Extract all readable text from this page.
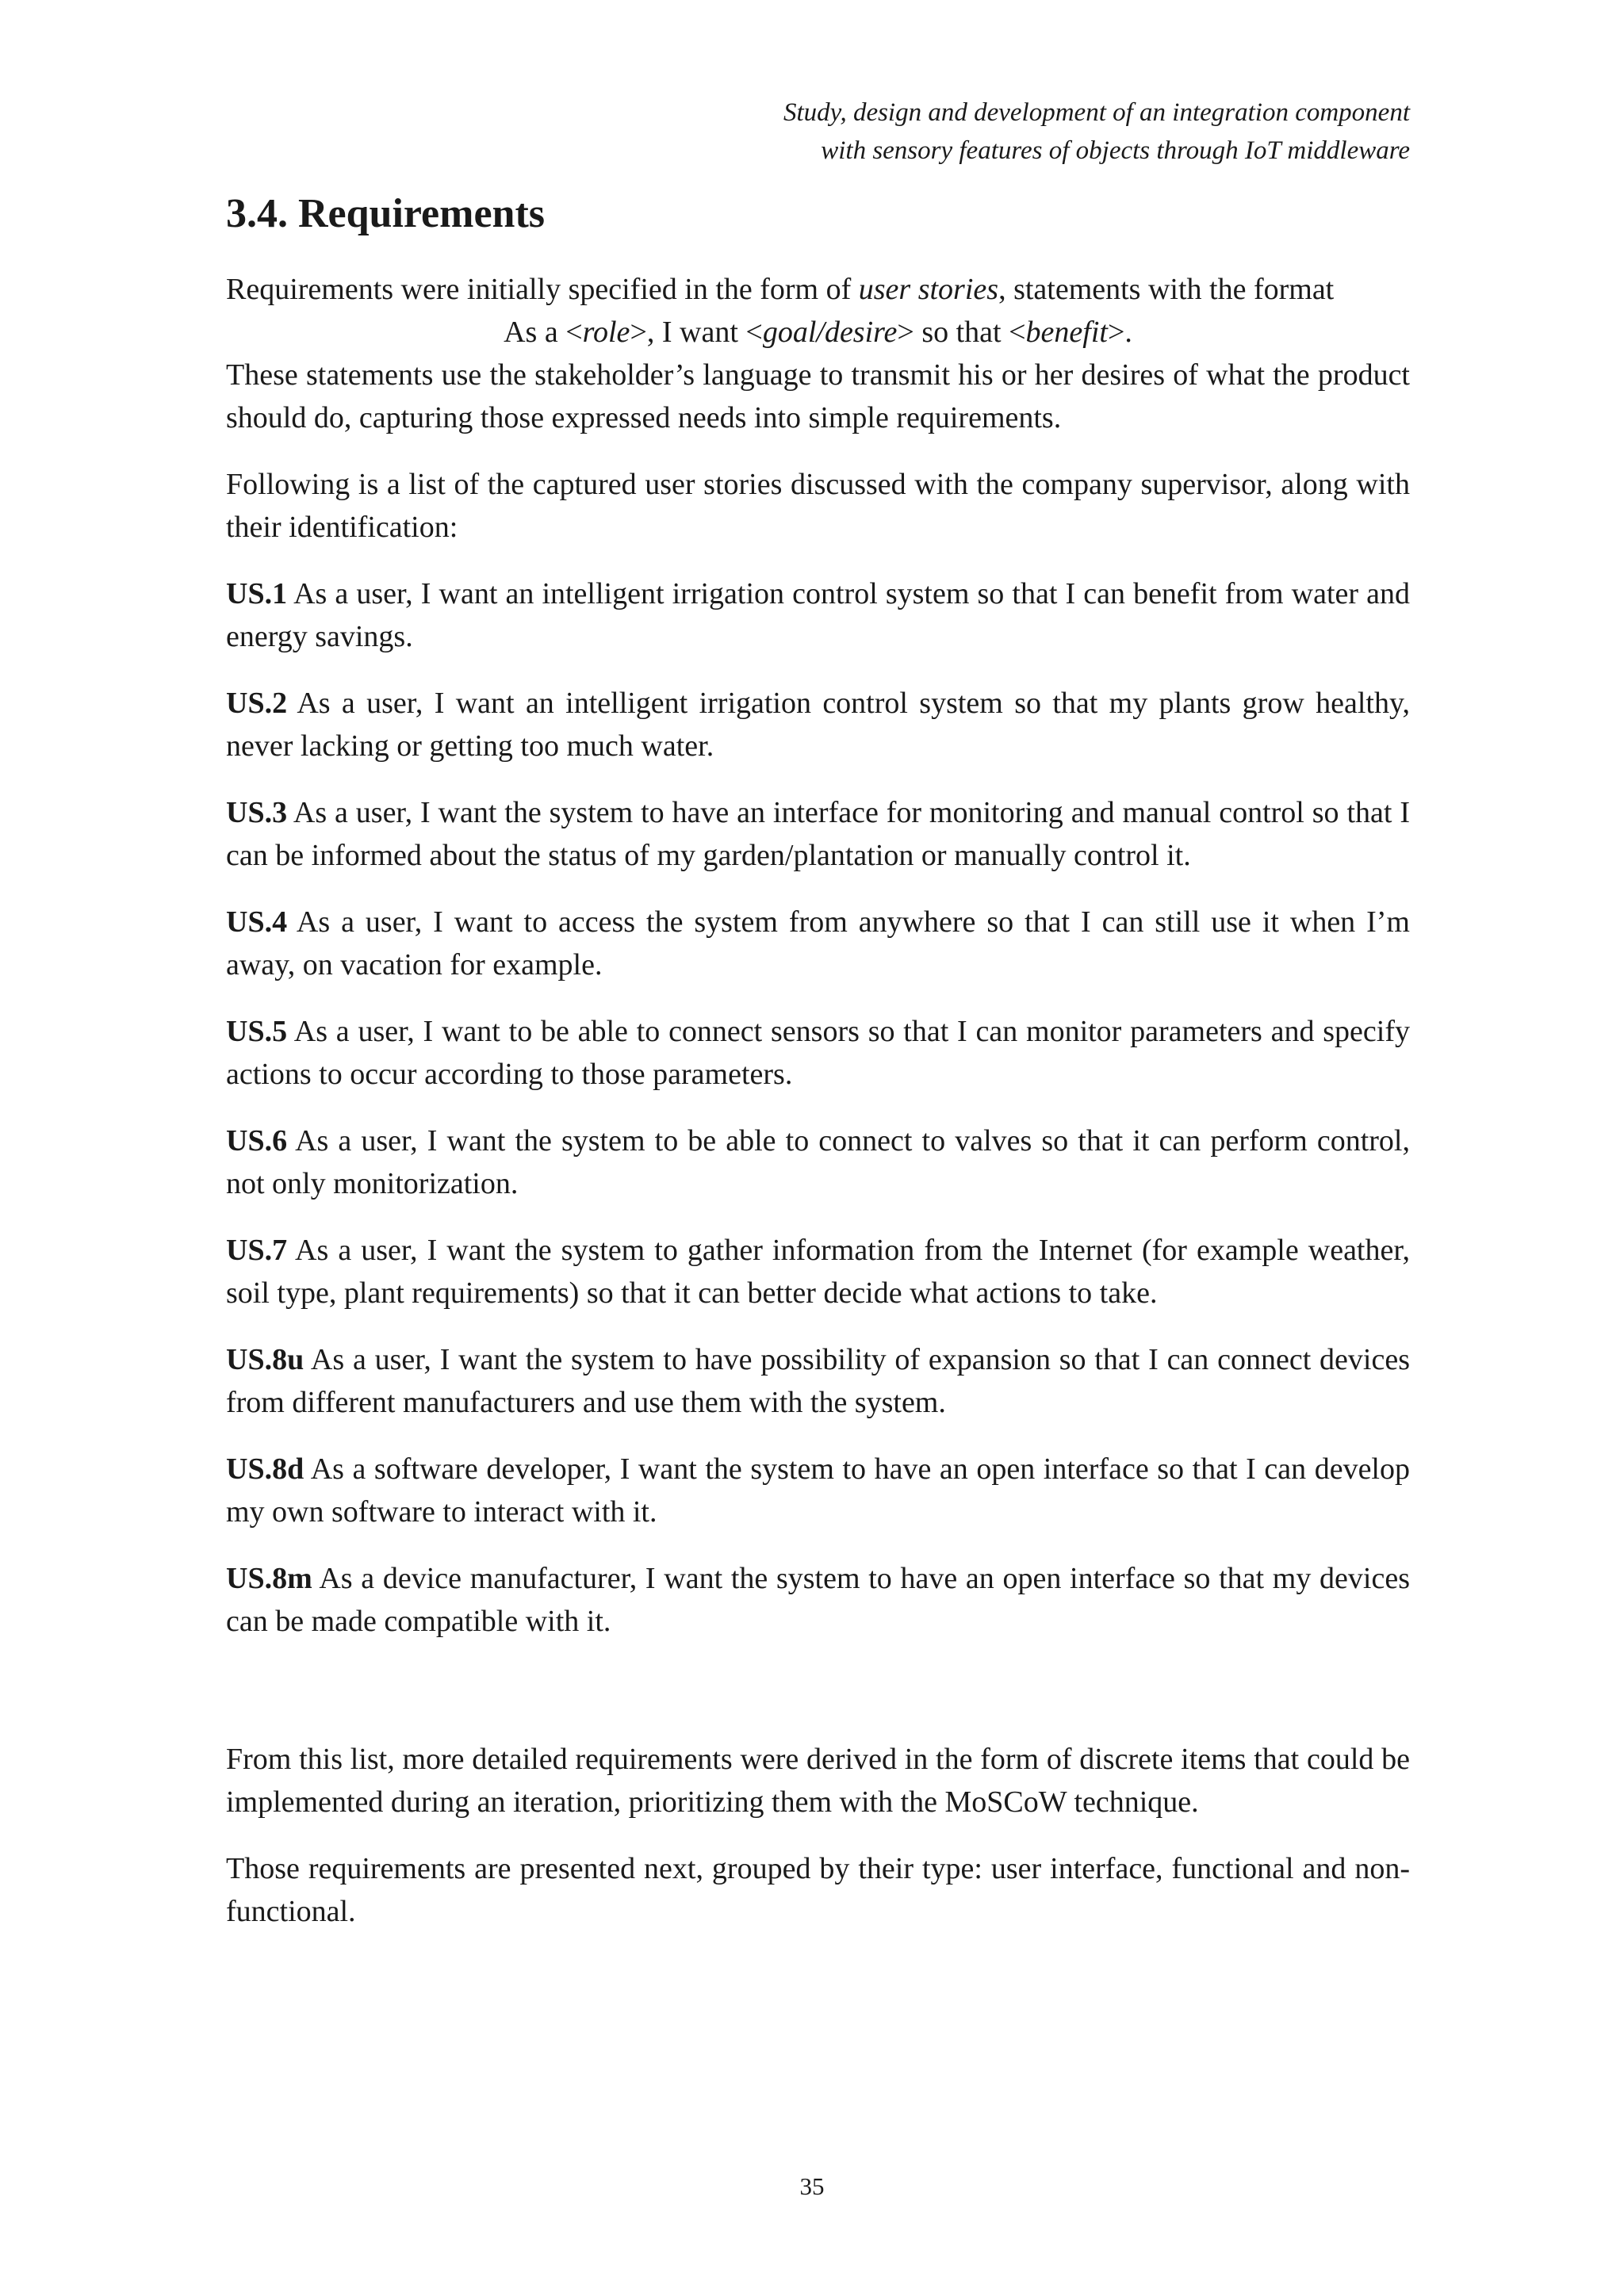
Study, design and development of an integration component
with sensory features of objects through IoT middleware
3.4. Requirements

Requirements were initially specified in the form of user stories, statements with the format

As a <role>, I want <goal/desire> so that <benefit>.

These statements use the stakeholder’s language to transmit his or her desires of what the product should do, capturing those expressed needs into simple requirements.

Following is a list of the captured user stories discussed with the company supervisor, along with their identification:

US.1 As a user, I want an intelligent irrigation control system so that I can benefit from water and energy savings.

US.2 As a user, I want an intelligent irrigation control system so that my plants grow healthy, never lacking or getting too much water.

US.3 As a user, I want the system to have an interface for monitoring and manual control so that I can be informed about the status of my garden/plantation or manually control it.

US.4 As a user, I want to access the system from anywhere so that I can still use it when I’m away, on vacation for example.

US.5 As a user, I want to be able to connect sensors so that I can monitor parameters and specify actions to occur according to those parameters.

US.6 As a user, I want the system to be able to connect to valves so that it can perform control, not only monitorization.

US.7 As a user, I want the system to gather information from the Internet (for example weather, soil type, plant requirements) so that it can better decide what actions to take.

US.8u As a user, I want the system to have possibility of expansion so that I can connect devices from different manufacturers and use them with the system.

US.8d As a software developer, I want the system to have an open interface so that I can develop my own software to interact with it.

US.8m As a device manufacturer, I want the system to have an open interface so that my devices can be made compatible with it.

From this list, more detailed requirements were derived in the form of discrete items that could be implemented during an iteration, prioritizing them with the MoSCoW technique.

Those requirements are presented next, grouped by their type: user interface, functional and non-functional.

35
